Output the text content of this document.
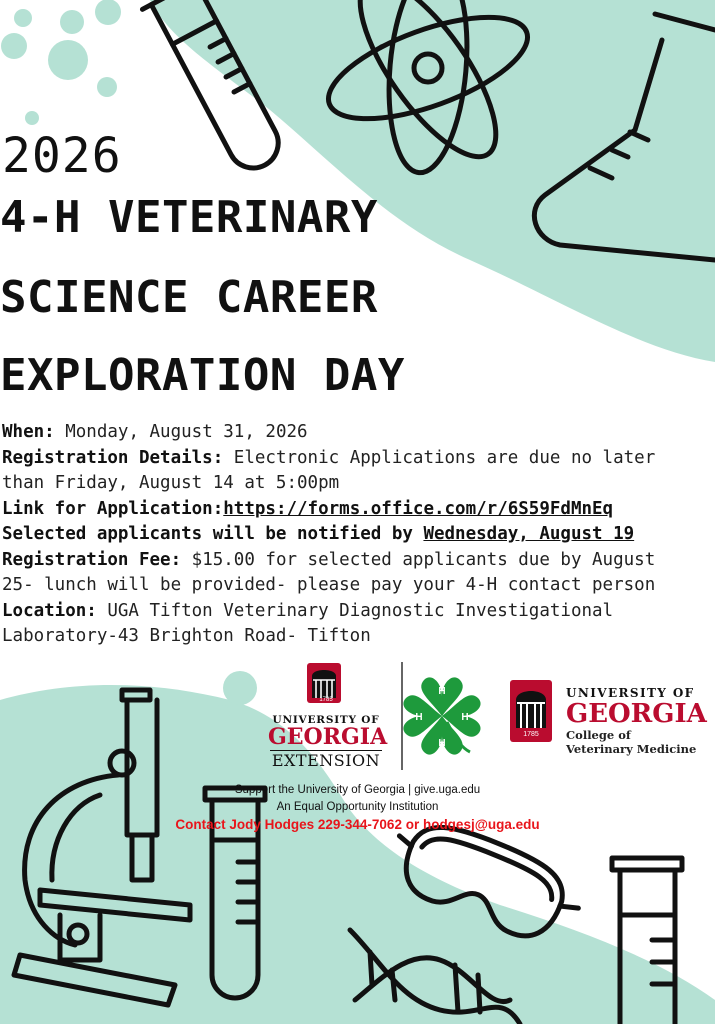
H
H
H
H
2026
4-H VETERINARY
SCIENCE CAREER
EXPLORATION DAY
When: Monday, August 31, 2026
Registration Details: Electronic Applications are due no later
than Friday, August 14 at 5:00pm
Link for Application:https://forms.office.com/r/6S59FdMnEq
Selected applicants will be notified by Wednesday, August 19
Registration Fee: $15.00 for selected applicants due by August
25- lunch will be provided- please pay your 4-H contact person
Location: UGA Tifton Veterinary Diagnostic Investigational
Laboratory-43 Brighton Road- Tifton
1785
UNIVERSITY OF
GEORGIA
EXTENSION
1785
UNIVERSITY OF
GEORGIA
College of
Veterinary Medicine
Support the University of Georgia | give.uga.edu
An Equal Opportunity Institution
Contact Jody Hodges 229-344-7062 or hodgesj@uga.edu
